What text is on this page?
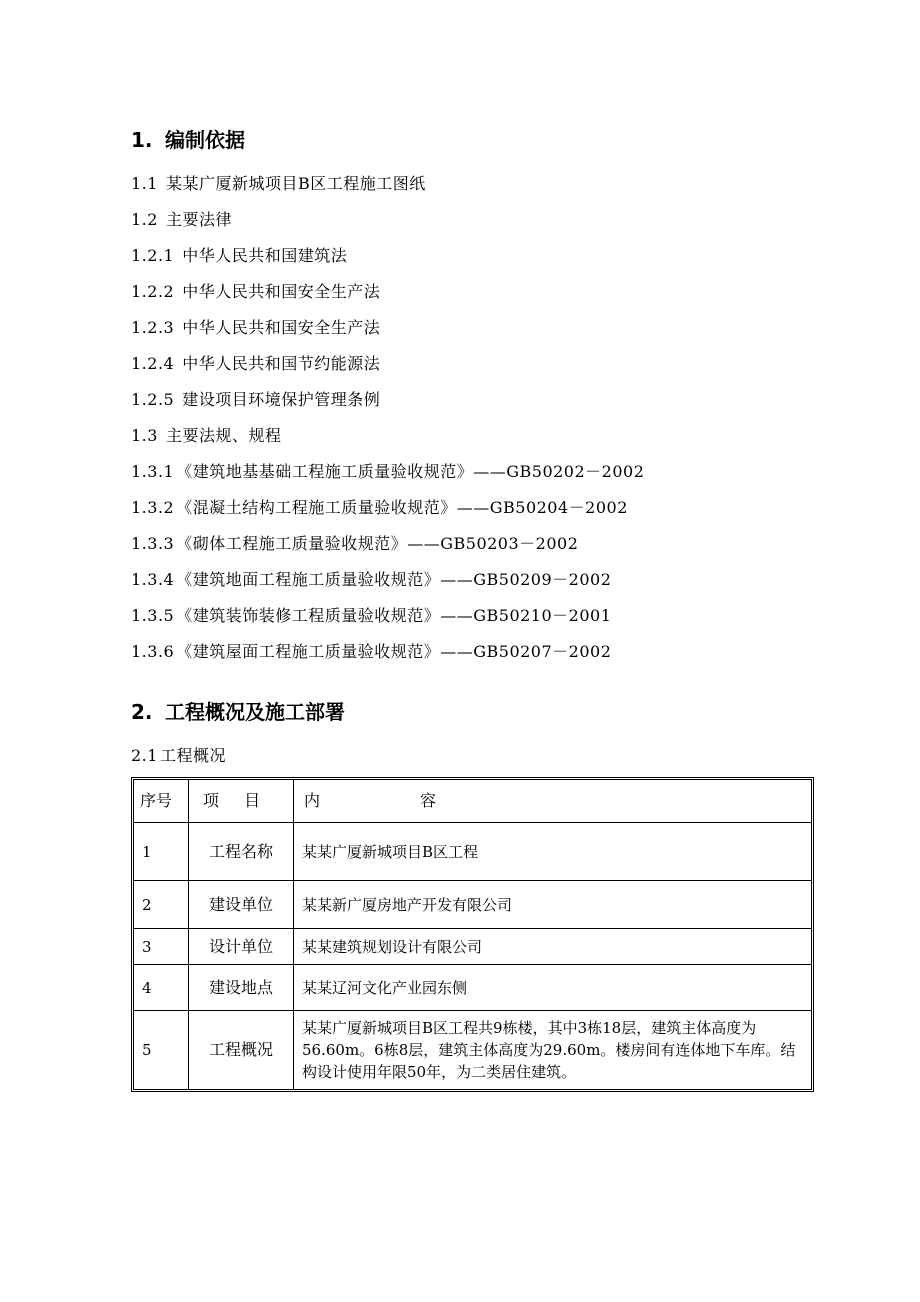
1. 编制依据
1.1 某某广厦新城项目B区工程施工图纸
1.2 主要法律
1.2.1 中华人民共和国建筑法
1.2.2 中华人民共和国安全生产法
1.2.3 中华人民共和国安全生产法
1.2.4 中华人民共和国节约能源法
1.2.5 建设项目环境保护管理条例
1.3 主要法规、规程
1.3.1 《建筑地基基础工程施工质量验收规范》——GB50202－2002
1.3.2 《混凝土结构工程施工质量验收规范》——GB50204－2002
1.3.3 《砌体工程施工质量验收规范》——GB50203－2002
1.3.4 《建筑地面工程施工质量验收规范》——GB50209－2002
1.3.5 《建筑装饰装修工程质量验收规范》——GB50210－2001
1.3.6 《建筑屋面工程施工质量验收规范》——GB50207－2002
2. 工程概况及施工部署
2.1 工程概况
序号	项 目	内 容
1	工程名称	某某广厦新城项目B区工程
2	建设单位	某某新广厦房地产开发有限公司
3	设计单位	某某建筑规划设计有限公司
4	建设地点	某某辽河文化产业园东侧
5	工程概况	某某广厦新城项目B区工程共9栋楼，其中3栋18层，建筑主体高度为56.60m。6栋8层，建筑主体高度为29.60m。楼房间有连体地下车库。结构设计使用年限50年，为二类居住建筑。
